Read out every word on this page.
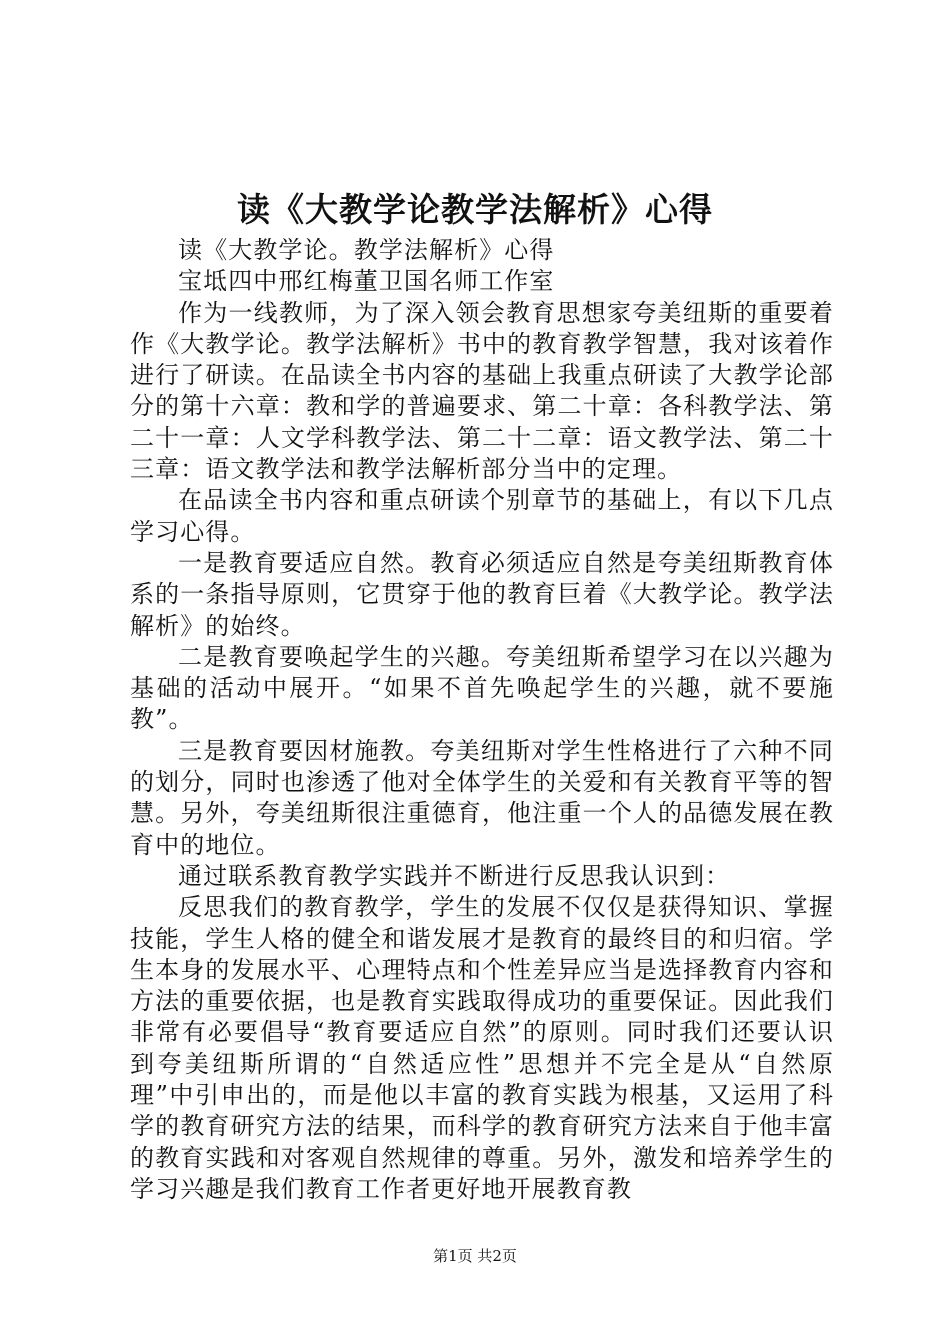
读《大教学论教学法解析》心得

读《大教学论。教学法解析》心得

宝坻四中邢红梅董卫国名师工作室

作为一线教师，为了深入领会教育思想家夸美纽斯的重要着作《大教学论。教学法解析》书中的教育教学智慧，我对该着作进行了研读。在品读全书内容的基础上我重点研读了大教学论部分的第十六章：教和学的普遍要求、第二十章：各科教学法、第二十一章：人文学科教学法、第二十二章：语文教学法、第二十三章：语文教学法和教学法解析部分当中的定理。

在品读全书内容和重点研读个别章节的基础上，有以下几点学习心得。

一是教育要适应自然。教育必须适应自然是夸美纽斯教育体系的一条指导原则，它贯穿于他的教育巨着《大教学论。教学法解析》的始终。

二是教育要唤起学生的兴趣。夸美纽斯希望学习在以兴趣为基础的活动中展开。“如果不首先唤起学生的兴趣，就不要施教”。

三是教育要因材施教。夸美纽斯对学生性格进行了六种不同的划分，同时也渗透了他对全体学生的关爱和有关教育平等的智慧。另外，夸美纽斯很注重德育，他注重一个人的品德发展在教育中的地位。

通过联系教育教学实践并不断进行反思我认识到：

反思我们的教育教学，学生的发展不仅仅是获得知识、掌握技能，学生人格的健全和谐发展才是教育的最终目的和归宿。学生本身的发展水平、心理特点和个性差异应当是选择教育内容和方法的重要依据，也是教育实践取得成功的重要保证。因此我们非常有必要倡导“教育要适应自然”的原则。同时我们还要认识到夸美纽斯所谓的“自然适应性”思想并不完全是从“自然原理”中引申出的，而是他以丰富的教育实践为根基，又运用了科学的教育研究方法的结果，而科学的教育研究方法来自于他丰富的教育实践和对客观自然规律的尊重。另外，激发和培养学生的学习兴趣是我们教育工作者更好地开展教育教

第1页 共2页
